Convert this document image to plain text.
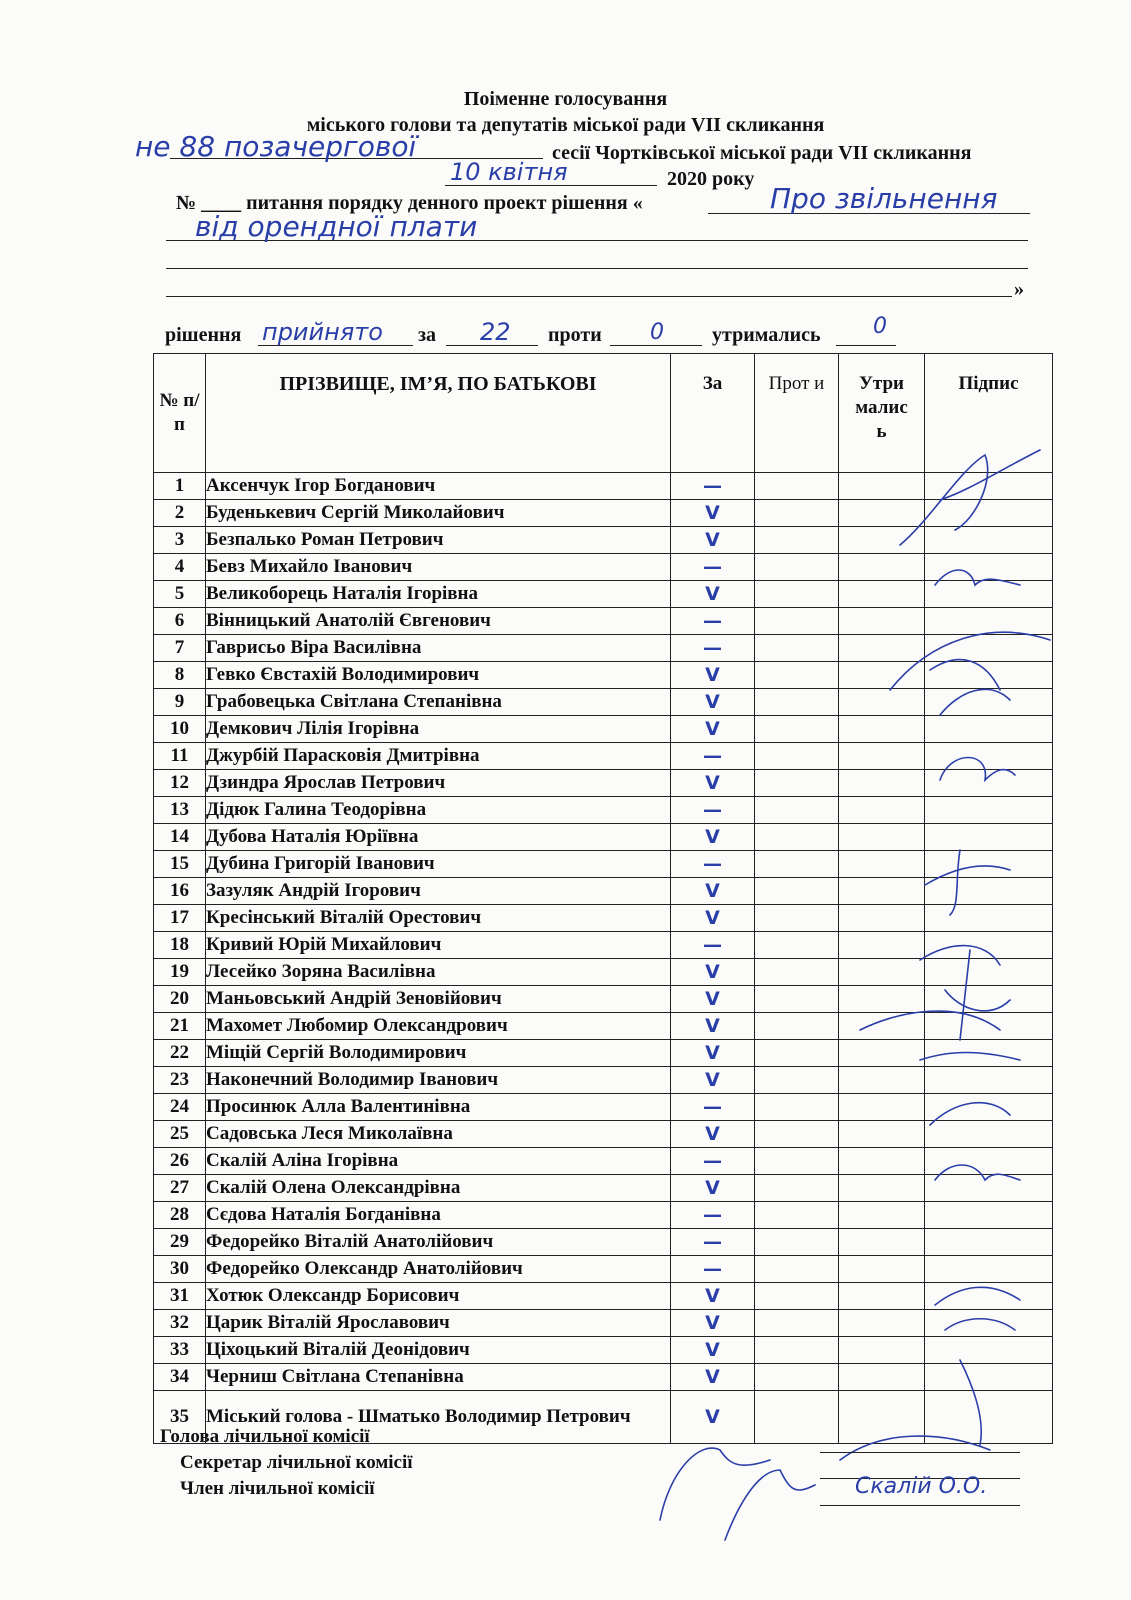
Поіменне голосування
міського голови та депутатів міської ради VII скликання
не 88 позачергової	сесії Чортківської міської ради VII скликання
10 квітня	2020 року
№ ____ питання порядку денного проект рішення «	Про звільнення
від орендної плати
»
рішення прийнято за 22 проти 0 утримались 0
№ п/п	ПРІЗВИЩЕ, ІМ’Я, ПО БАТЬКОВІ	За	Прот и	Утри малис ь	Підпис
1	Аксенчук Ігор Богданович	—			
2	Буденькевич Сергій Миколайович	V			
3	Безпалько Роман Петрович	V			
4	Бевз Михайло Іванович	—			
5	Великоборець Наталія Ігорівна	V			
6	Вінницький Анатолій Євгенович	—			
7	Гаврисьо Віра Василівна	—			
8	Гевко Євстахій Володимирович	V			
9	Грабовецька Світлана Степанівна	V			
10	Демкович Лілія Ігорівна	V			
11	Джурбій Парасковія Дмитрівна	—			
12	Дзиндра Ярослав Петрович	V			
13	Дідюк Галина Теодорівна	—			
14	Дубова Наталія Юріївна	V			
15	Дубина Григорій Іванович	—			
16	Зазуляк Андрій Ігорович	V			
17	Кресінський Віталій Орестович	V			
18	Кривий Юрій Михайлович	—			
19	Лесейко Зоряна Василівна	V			
20	Маньовський Андрій Зеновійович	V			
21	Махомет Любомир Олександрович	V			
22	Міщій Сергій Володимирович	V			
23	Наконечний Володимир Іванович	V			
24	Просинюк Алла Валентинівна	—			
25	Садовська Леся Миколаївна	V			
26	Скалій Аліна Ігорівна	—			
27	Скалій Олена Олександрівна	V			
28	Сєдова Наталія Богданівна	—			
29	Федорейко Віталій Анатолійович	—			
30	Федорейко Олександр Анатолійович	—			
31	Хотюк Олександр Борисович	V			
32	Царик Віталій Ярославович	V			
33	Ціхоцький Віталій Деонідович	V			
34	Черниш Світлана Степанівна	V			
35	Міський голова - Шматько Володимир Петрович	V			
Голова лічильної комісії
Секретар лічильної комісії
Член лічильної комісії	Скалій О.О.
